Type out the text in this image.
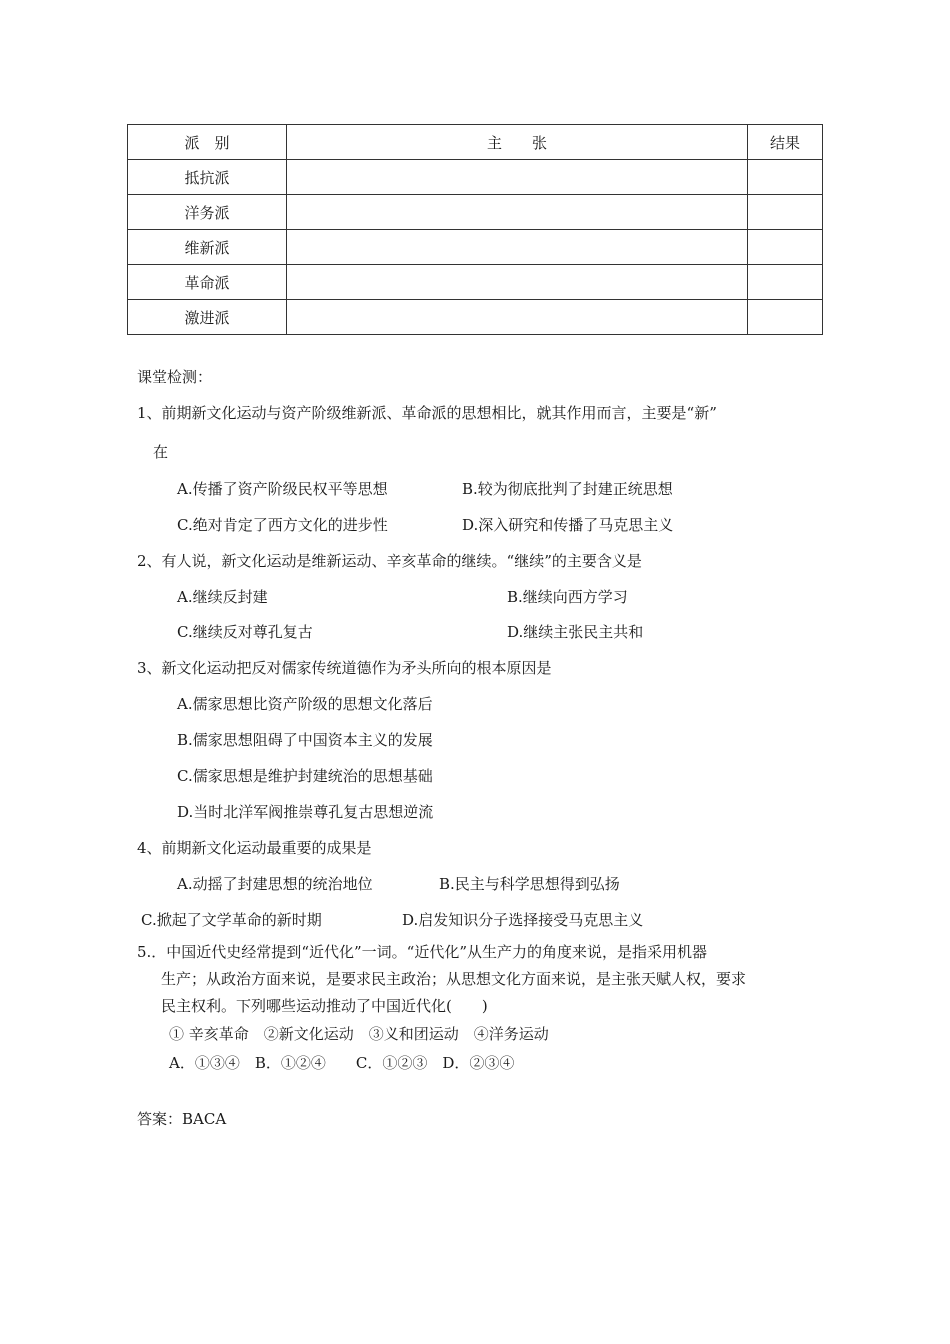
派　别	主　　张	结果
抵抗派		
洋务派		
维新派		
革命派		
激进派		
课堂检测：
1、前期新文化运动与资产阶级维新派、革命派的思想相比，就其作用而言，主要是“新”
在
A.传播了资产阶级民权平等思想	B.较为彻底批判了封建正统思想
C.绝对肯定了西方文化的进步性	D.深入研究和传播了马克思主义
2、有人说，新文化运动是维新运动、辛亥革命的继续。“继续”的主要含义是
A.继续反封建	B.继续向西方学习
C.继续反对尊孔复古	D.继续主张民主共和
3、新文化运动把反对儒家传统道德作为矛头所向的根本原因是
A.儒家思想比资产阶级的思想文化落后
B.儒家思想阻碍了中国资本主义的发展
C.儒家思想是维护封建统治的思想基础
D.当时北洋军阀推崇尊孔复古思想逆流
4、前期新文化运动最重要的成果是
A.动摇了封建思想的统治地位	B.民主与科学思想得到弘扬
C.掀起了文学革命的新时期	D.启发知识分子选择接受马克思主义
5.．中国近代史经常提到“近代化”一词。“近代化”从生产力的角度来说，是指采用机器
生产；从政治方面来说，是要求民主政治；从思想文化方面来说，是主张天赋人权，要求
民主权利。下列哪些运动推动了中国近代化(　　)
① 辛亥革命　②新文化运动　③义和团运动　④洋务运动
A．①③④　B．①②④　　C．①②③　D．②③④
答案：BACA
